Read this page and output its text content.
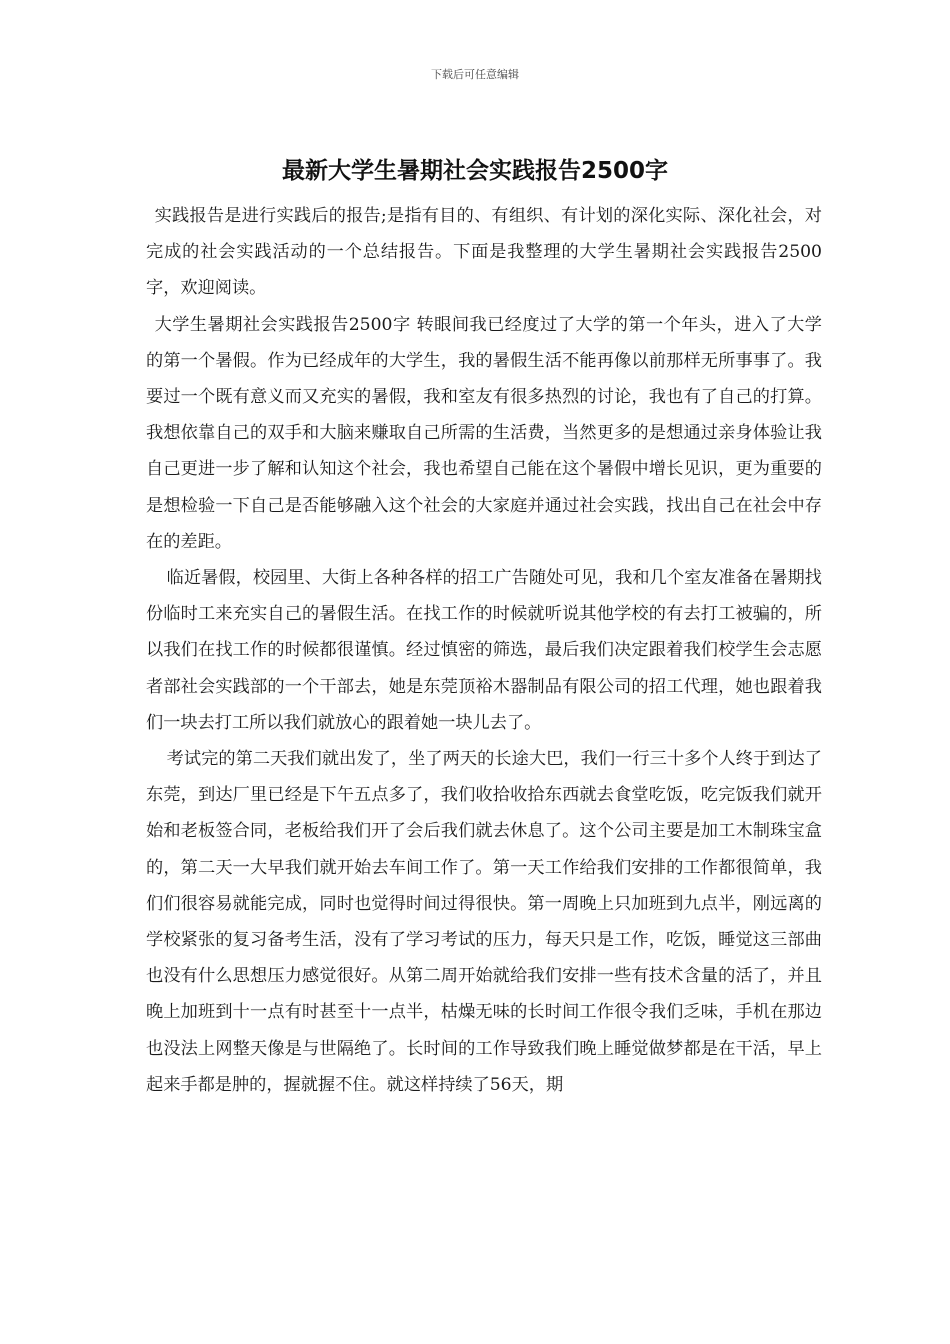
下载后可任意编辑
最新大学生暑期社会实践报告2500字

实践报告是进行实践后的报告;是指有目的、有组织、有计划的深化实际、深化社会，对完成的社会实践活动的一个总结报告。下面是我整理的大学生暑期社会实践报告2500字，欢迎阅读。

大学生暑期社会实践报告2500字 转眼间我已经度过了大学的第一个年头，进入了大学的第一个暑假。作为已经成年的大学生，我的暑假生活不能再像以前那样无所事事了。我要过一个既有意义而又充实的暑假，我和室友有很多热烈的讨论，我也有了自己的打算。我想依靠自己的双手和大脑来赚取自己所需的生活费，当然更多的是想通过亲身体验让我自己更进一步了解和认知这个社会，我也希望自己能在这个暑假中增长见识，更为重要的是想检验一下自己是否能够融入这个社会的大家庭并通过社会实践，找出自己在社会中存在的差距。

临近暑假，校园里、大街上各种各样的招工广告随处可见，我和几个室友准备在暑期找份临时工来充实自己的暑假生活。在找工作的时候就听说其他学校的有去打工被骗的，所以我们在找工作的时候都很谨慎。经过慎密的筛选，最后我们决定跟着我们校学生会志愿者部社会实践部的一个干部去，她是东莞顶裕木器制品有限公司的招工代理，她也跟着我们一块去打工所以我们就放心的跟着她一块儿去了。

考试完的第二天我们就出发了，坐了两天的长途大巴，我们一行三十多个人终于到达了东莞，到达厂里已经是下午五点多了，我们收拾收拾东西就去食堂吃饭，吃完饭我们就开始和老板签合同，老板给我们开了会后我们就去休息了。这个公司主要是加工木制珠宝盒的，第二天一大早我们就开始去车间工作了。第一天工作给我们安排的工作都很简单，我们们很容易就能完成，同时也觉得时间过得很快。第一周晚上只加班到九点半，刚远离的学校紧张的复习备考生活，没有了学习考试的压力，每天只是工作，吃饭，睡觉这三部曲也没有什么思想压力感觉很好。从第二周开始就给我们安排一些有技术含量的活了，并且晚上加班到十一点有时甚至十一点半，枯燥无味的长时间工作很令我们乏味，手机在那边也没法上网整天像是与世隔绝了。长时间的工作导致我们晚上睡觉做梦都是在干活，早上起来手都是肿的，握就握不住。就这样持续了56天，期
